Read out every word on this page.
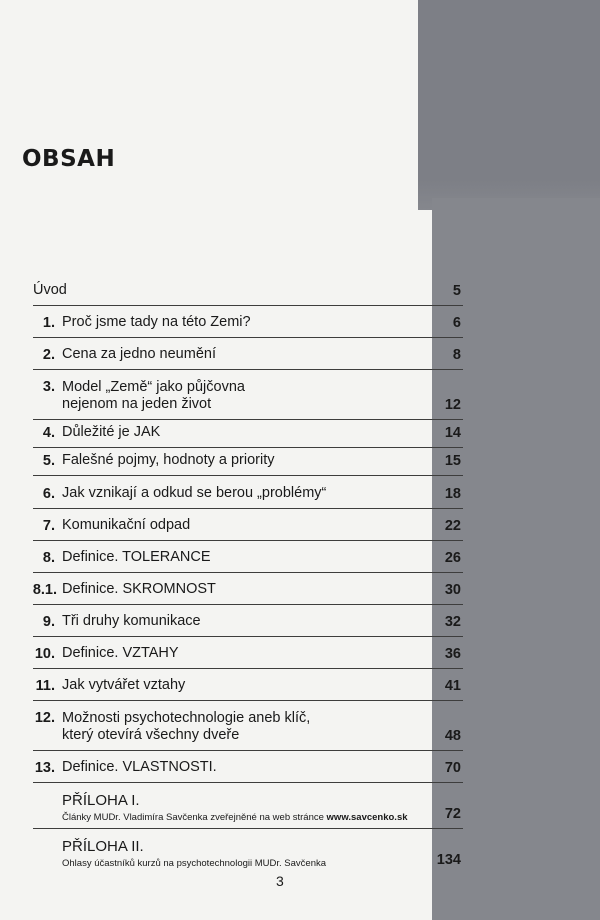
OBSAH
Úvod	5
1. Proč jsme tady na této Zemi?	6
2. Cena za jedno neumění	8
3. Model „Země“ jako půjčovna
nejenom na jeden život	12
4. Důležité je JAK	14
5. Falešné pojmy, hodnoty a priority	15
6. Jak vznikají a odkud se berou „problémy“	18
7. Komunikační odpad	22
8. Definice. TOLERANCE	26
8.1. Definice. SKROMNOST	30
9. Tři druhy komunikace	32
10. Definice. VZTAHY	36
11. Jak vytvářet vztahy	41
12. Možnosti psychotechnologie aneb klíč,
který otevírá všechny dveře	48
13. Definice. VLASTNOSTI.	70
PŘÍLOHA I.
Články MUDr. Vladimíra Savčenka zveřejněné na web stránce www.savcenko.sk	72
PŘÍLOHA II.
Ohlasy účastníků kurzů na psychotechnologii MUDr. Savčenka	134
3
